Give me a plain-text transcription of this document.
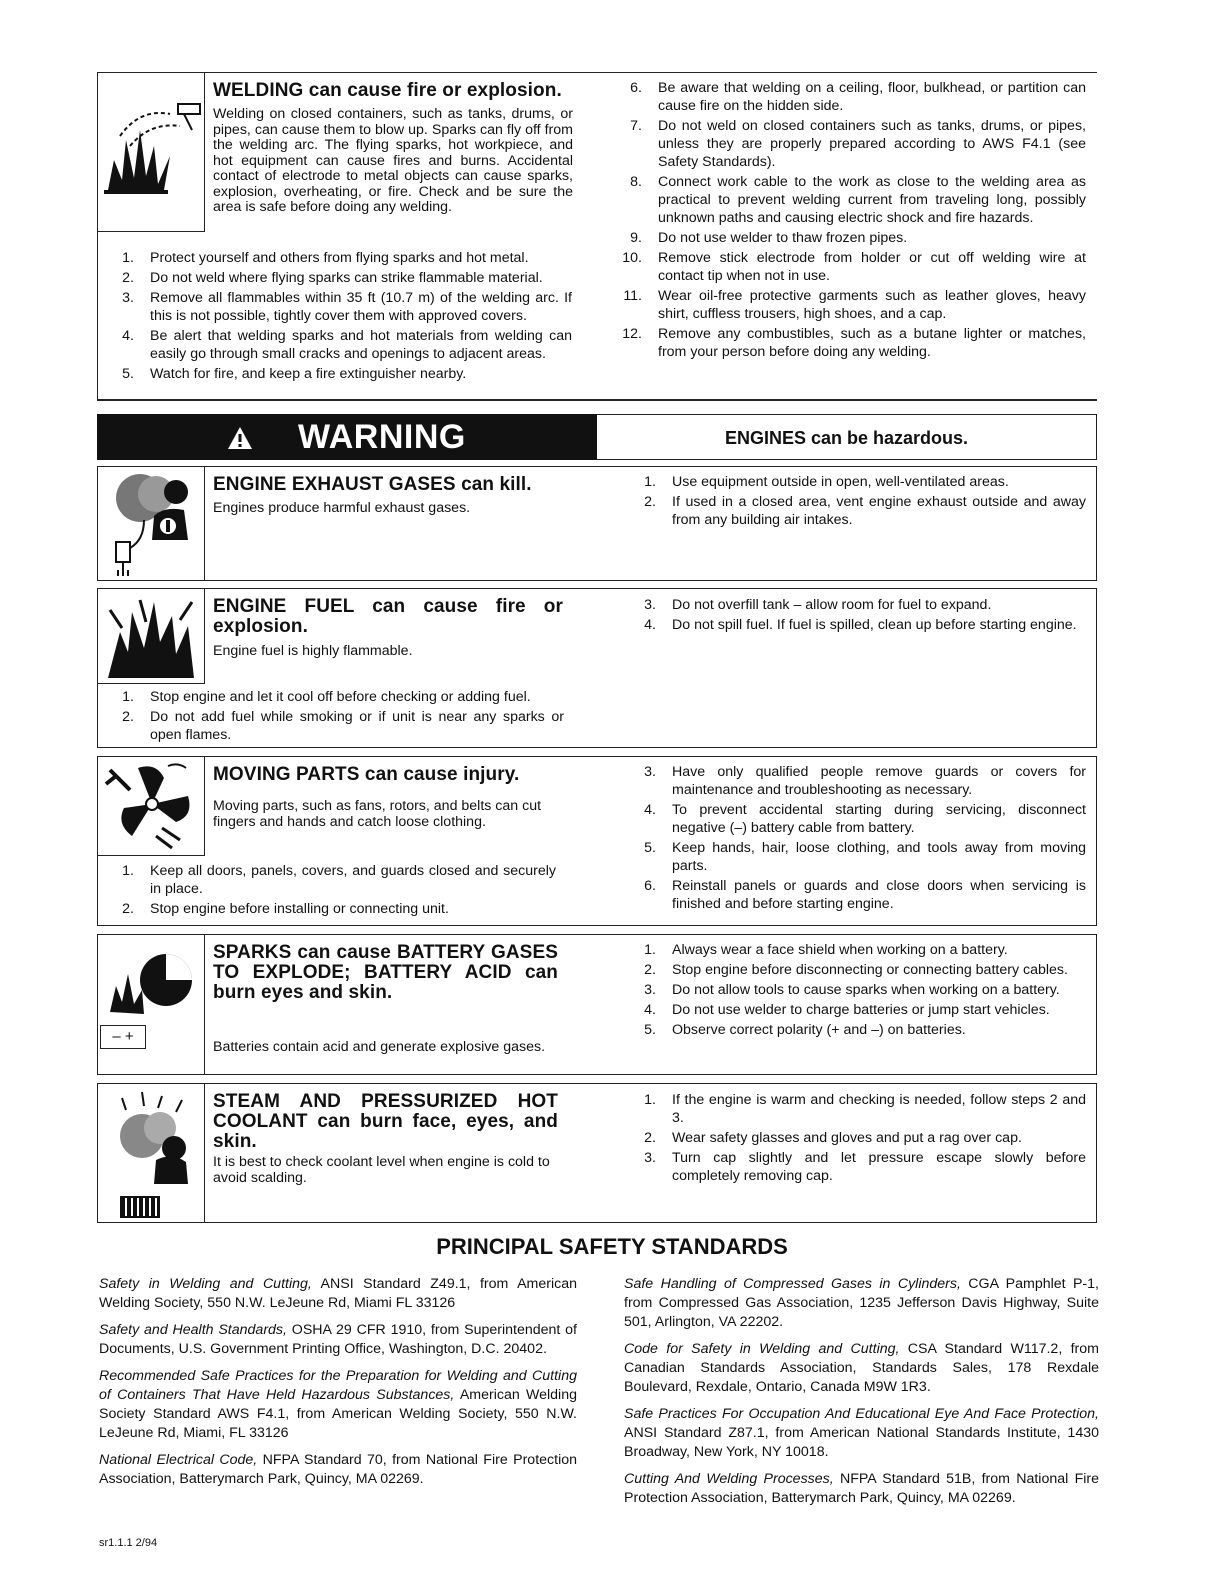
WELDING can cause fire or explosion.
Welding on closed containers, such as tanks, drums, or pipes, can cause them to blow up. Sparks can fly off from the welding arc. The flying sparks, hot workpiece, and hot equipment can cause fires and burns. Accidental contact of electrode to metal objects can cause sparks, explosion, overheating, or fire. Check and be sure the area is safe before doing any welding.
1. Protect yourself and others from flying sparks and hot metal.
2. Do not weld where flying sparks can strike flammable material.
3. Remove all flammables within 35 ft (10.7 m) of the welding arc. If this is not possible, tightly cover them with approved covers.
4. Be alert that welding sparks and hot materials from welding can easily go through small cracks and openings to adjacent areas.
5. Watch for fire, and keep a fire extinguisher nearby.
6. Be aware that welding on a ceiling, floor, bulkhead, or partition can cause fire on the hidden side.
7. Do not weld on closed containers such as tanks, drums, or pipes, unless they are properly prepared according to AWS F4.1 (see Safety Standards).
8. Connect work cable to the work as close to the welding area as practical to prevent welding current from traveling long, possibly unknown paths and causing electric shock and fire hazards.
9. Do not use welder to thaw frozen pipes.
10. Remove stick electrode from holder or cut off welding wire at contact tip when not in use.
11. Wear oil-free protective garments such as leather gloves, heavy shirt, cuffless trousers, high shoes, and a cap.
12. Remove any combustibles, such as a butane lighter or matches, from your person before doing any welding.
WARNING	ENGINES can be hazardous.
ENGINE EXHAUST GASES can kill.
Engines produce harmful exhaust gases.
1. Use equipment outside in open, well-ventilated areas.
2. If used in a closed area, vent engine exhaust outside and away from any building air intakes.
ENGINE FUEL can cause fire or explosion.
Engine fuel is highly flammable.
1. Stop engine and let it cool off before checking or adding fuel.
2. Do not add fuel while smoking or if unit is near any sparks or open flames.
3. Do not overfill tank – allow room for fuel to expand.
4. Do not spill fuel. If fuel is spilled, clean up before starting engine.
MOVING PARTS can cause injury.
Moving parts, such as fans, rotors, and belts can cut fingers and hands and catch loose clothing.
1. Keep all doors, panels, covers, and guards closed and securely in place.
2. Stop engine before installing or connecting unit.
3. Have only qualified people remove guards or covers for maintenance and troubleshooting as necessary.
4. To prevent accidental starting during servicing, disconnect negative (–) battery cable from battery.
5. Keep hands, hair, loose clothing, and tools away from moving parts.
6. Reinstall panels or guards and close doors when servicing is finished and before starting engine.
– +
SPARKS can cause BATTERY GASES TO EXPLODE; BATTERY ACID can burn eyes and skin.
Batteries contain acid and generate explosive gases.
1. Always wear a face shield when working on a battery.
2. Stop engine before disconnecting or connecting battery cables.
3. Do not allow tools to cause sparks when working on a battery.
4. Do not use welder to charge batteries or jump start vehicles.
5. Observe correct polarity (+ and –) on batteries.
STEAM AND PRESSURIZED HOT COOLANT can burn face, eyes, and skin.
It is best to check coolant level when engine is cold to avoid scalding.
1. If the engine is warm and checking is needed, follow steps 2 and 3.
2. Wear safety glasses and gloves and put a rag over cap.
3. Turn cap slightly and let pressure escape slowly before completely removing cap.
PRINCIPAL SAFETY STANDARDS

Safety in Welding and Cutting, ANSI Standard Z49.1, from American Welding Society, 550 N.W. LeJeune Rd, Miami FL 33126

Safety and Health Standards, OSHA 29 CFR 1910, from Superintendent of Documents, U.S. Government Printing Office, Washington, D.C. 20402.

Recommended Safe Practices for the Preparation for Welding and Cutting of Containers That Have Held Hazardous Substances, American Welding Society Standard AWS F4.1, from American Welding Society, 550 N.W. LeJeune Rd, Miami, FL 33126

National Electrical Code, NFPA Standard 70, from National Fire Protection Association, Batterymarch Park, Quincy, MA 02269.

Safe Handling of Compressed Gases in Cylinders, CGA Pamphlet P-1, from Compressed Gas Association, 1235 Jefferson Davis Highway, Suite 501, Arlington, VA 22202.

Code for Safety in Welding and Cutting, CSA Standard W117.2, from Canadian Standards Association, Standards Sales, 178 Rexdale Boulevard, Rexdale, Ontario, Canada M9W 1R3.

Safe Practices For Occupation And Educational Eye And Face Protection, ANSI Standard Z87.1, from American National Standards Institute, 1430 Broadway, New York, NY 10018.

Cutting And Welding Processes, NFPA Standard 51B, from National Fire Protection Association, Batterymarch Park, Quincy, MA 02269.

sr1.1.1 2/94
